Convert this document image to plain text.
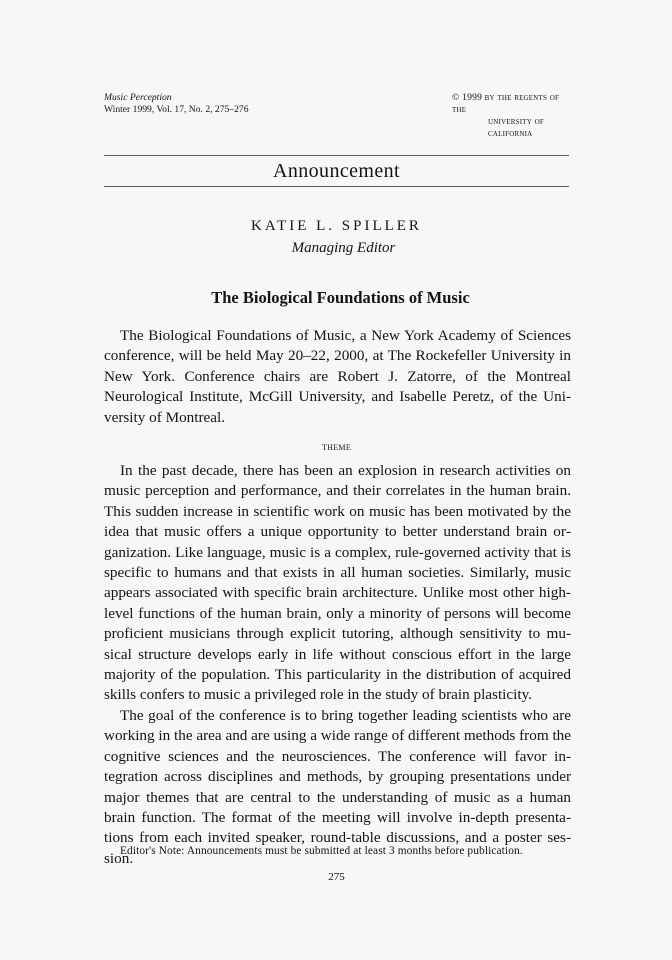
Music Perception
Winter 1999, Vol. 17, No. 2, 275–276
© 1999 by the regents of the
university of california
Announcement
KATIE L. SPILLER
Managing Editor
The Biological Foundations of Music

The Biological Foundations of Music, a New York Academy of Sciences conference, will be held May 20–22, 2000, at The Rockefeller University in New York. Conference chairs are Robert J. Zatorre, of the Montreal Neurological Institute, McGill University, and Isabelle Peretz, of the University of Montreal.

theme

In the past decade, there has been an explosion in research activities on music perception and performance, and their correlates in the human brain. This sudden increase in scientific work on music has been motivated by the idea that music offers a unique opportunity to better understand brain organization. Like language, music is a complex, rule-governed activity that is specific to humans and that exists in all human societies. Similarly, music appears associated with specific brain architecture. Unlike most other high-level functions of the human brain, only a minority of persons will become proficient musicians through explicit tutoring, although sensitivity to musical structure develops early in life without conscious effort in the large majority of the population. This particularity in the distribution of acquired skills confers to music a privileged role in the study of brain plasticity.

The goal of the conference is to bring together leading scientists who are working in the area and are using a wide range of different methods from the cognitive sciences and the neurosciences. The conference will favor integration across disciplines and methods, by grouping presentations under major themes that are central to the understanding of music as a human brain function. The format of the meeting will involve in-depth presentations from each invited speaker, round-table discussions, and a poster session.

Editor's Note: Announcements must be submitted at least 3 months before publication.
275
